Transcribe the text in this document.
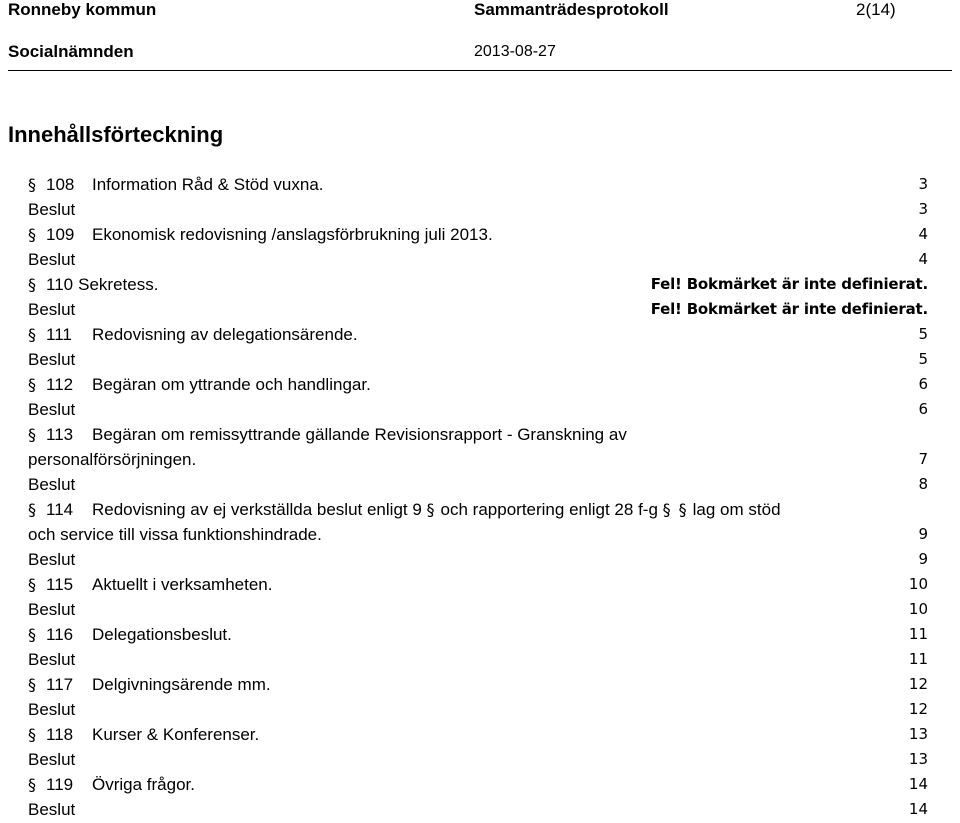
Ronneby kommun	Sammanträdesprotokoll	2(14)
Socialnämnden	2013-08-27
Innehållsförteckning
§ 108 Information Råd & Stöd vuxna.	3
Beslut	3
§ 109 Ekonomisk redovisning /anslagsförbrukning juli 2013.	4
Beslut	4
§ 110 Sekretess.	Fel! Bokmärket är inte definierat.
Beslut	Fel! Bokmärket är inte definierat.
§ 111 Redovisning av delegationsärende.	5
Beslut	5
§ 112 Begäran om yttrande och handlingar.	6
Beslut	6
§ 113 Begäran om remissyttrande gällande Revisionsrapport - Granskning av
personalförsörjningen.	7
Beslut	8
§ 114 Redovisning av ej verkställda beslut enligt 9 § och rapportering enligt 28 f-g § § lag om stöd
och service till vissa funktionshindrade.	9
Beslut	9
§ 115 Aktuellt i verksamheten.	10
Beslut	10
§ 116 Delegationsbeslut.	11
Beslut	11
§ 117 Delgivningsärende mm.	12
Beslut	12
§ 118 Kurser & Konferenser.	13
Beslut	13
§ 119 Övriga frågor.	14
Beslut	14
